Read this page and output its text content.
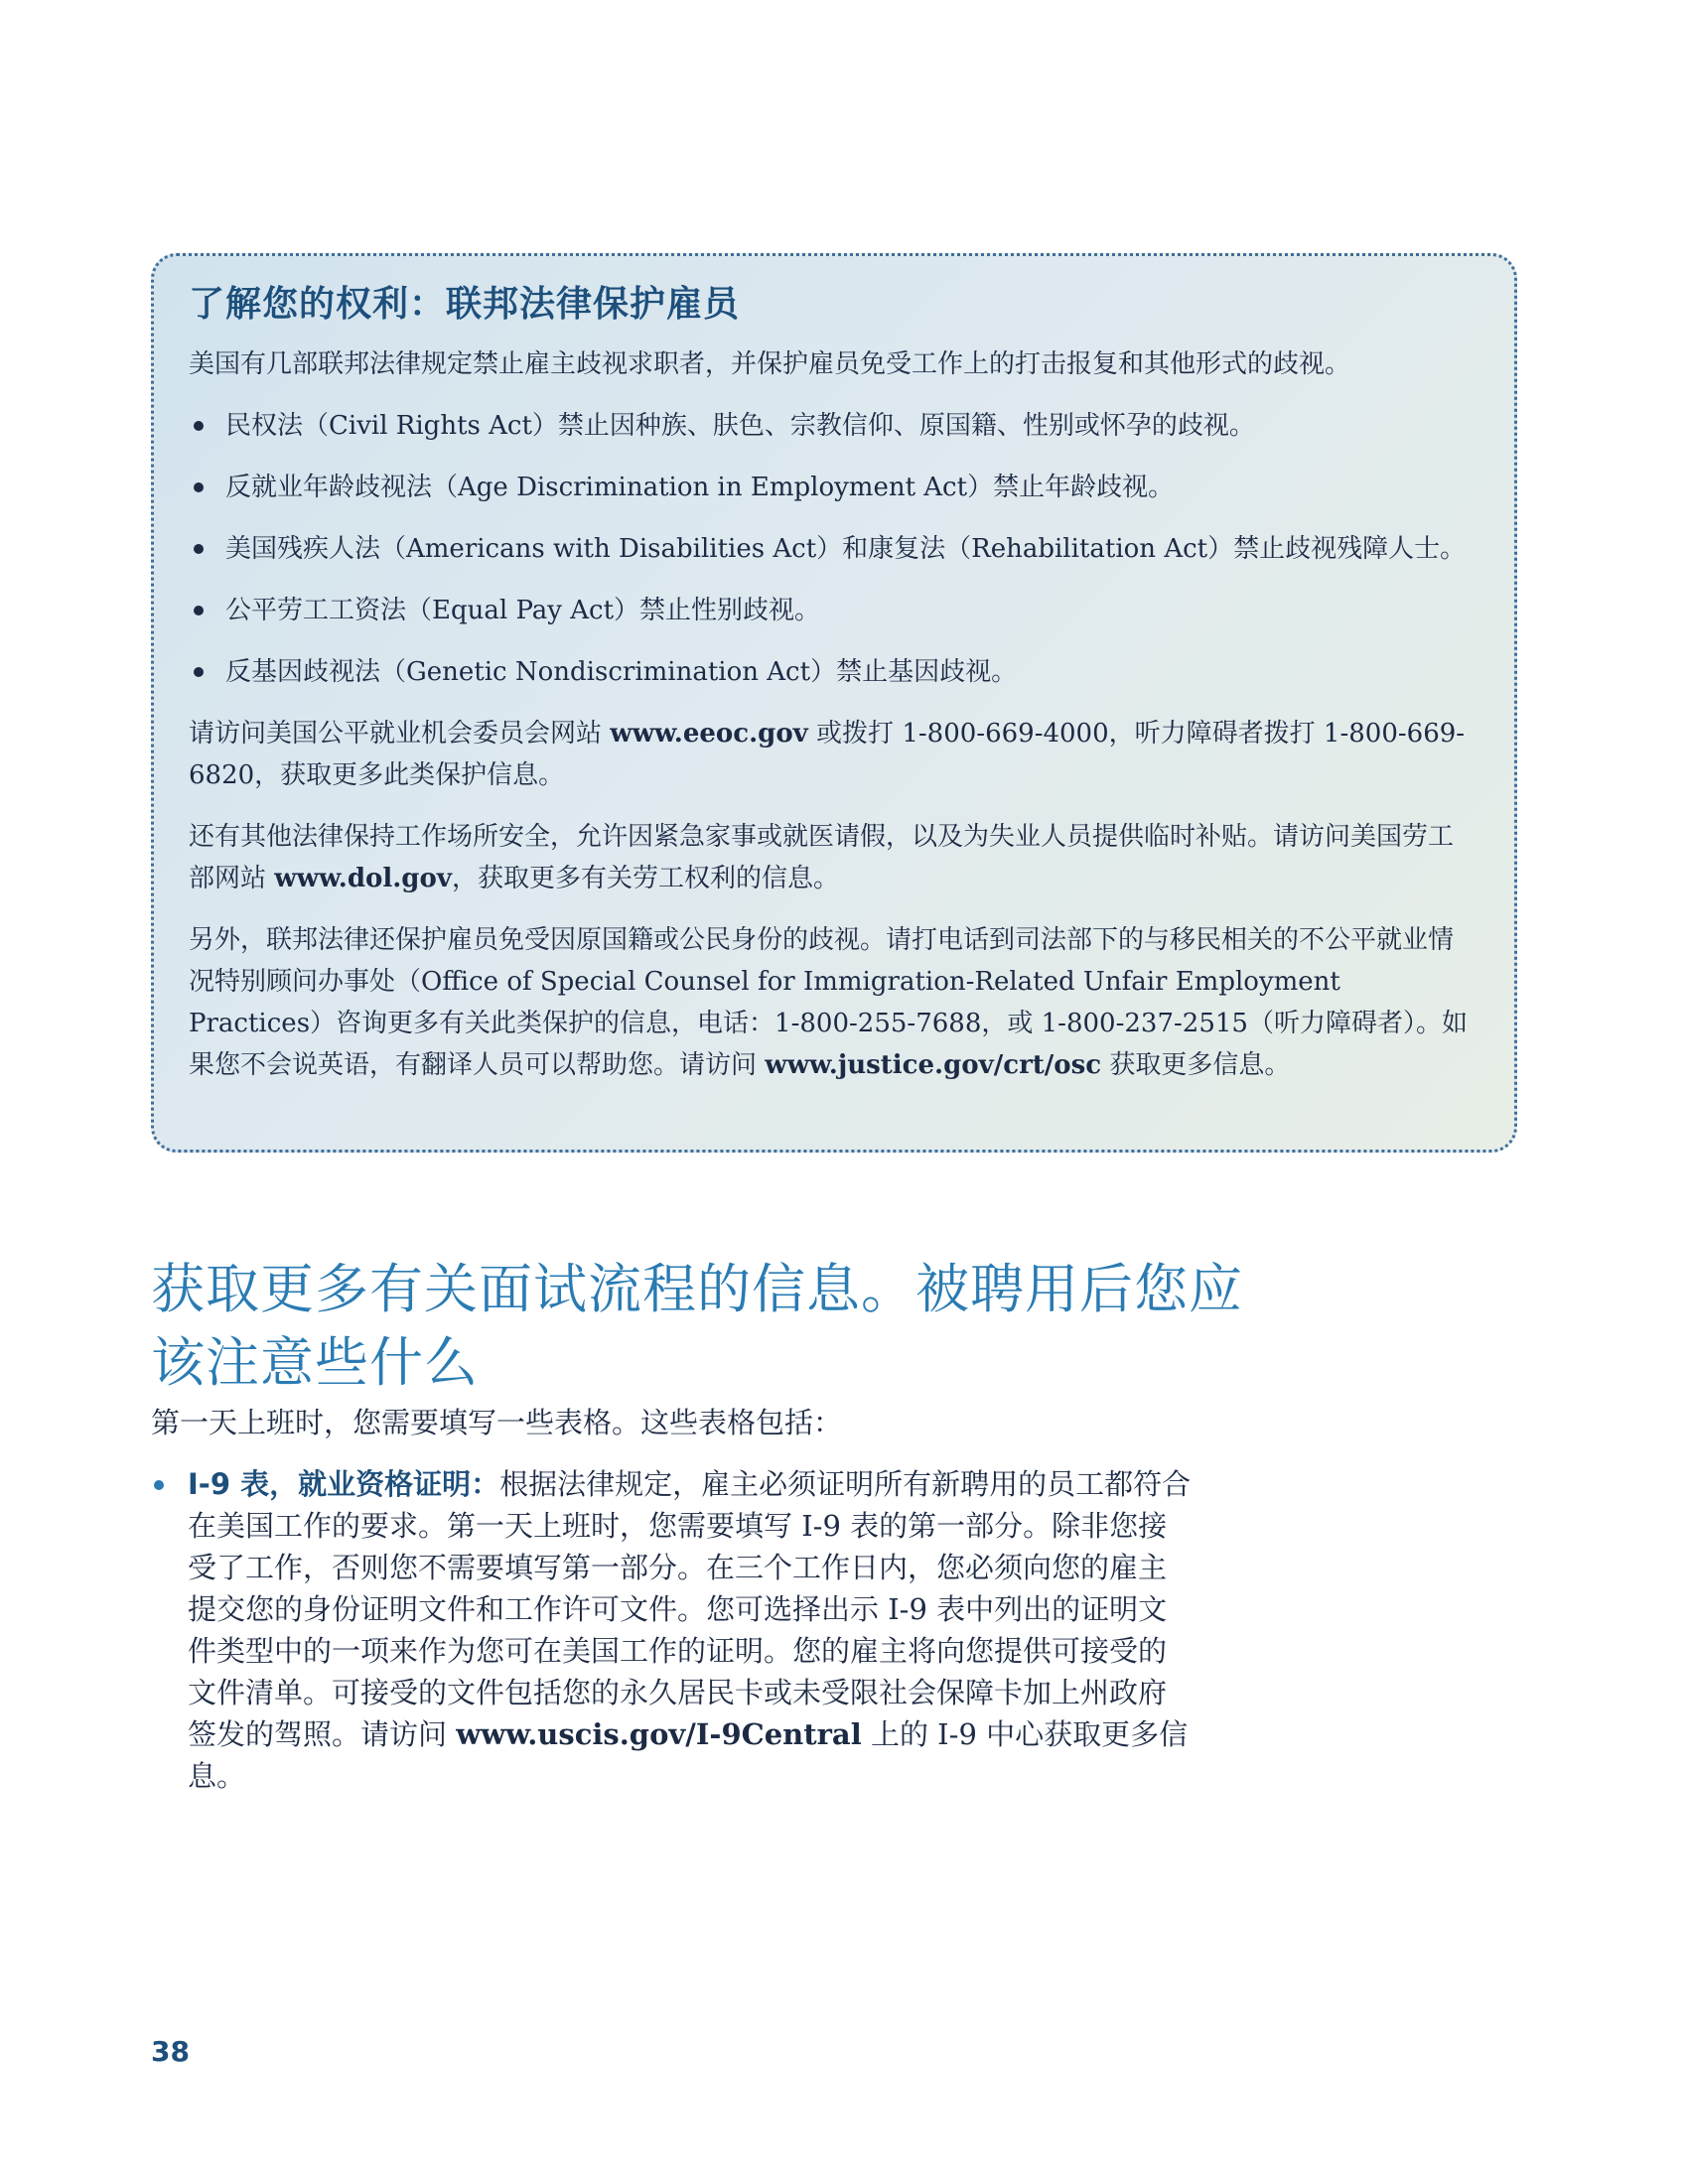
了解您的权利：联邦法律保护雇员

美国有几部联邦法律规定禁止雇主歧视求职者，并保护雇员免受工作上的打击报复和其他形式的歧视。

民权法（Civil Rights Act）禁止因种族、肤色、宗教信仰、原国籍、性别或怀孕的歧视。
反就业年龄歧视法（Age Discrimination in Employment Act）禁止年龄歧视。
美国残疾人法（Americans with Disabilities Act）和康复法（Rehabilitation Act）禁止歧视残障人士。
公平劳工工资法（Equal Pay Act）禁止性别歧视。
反基因歧视法（Genetic Nondiscrimination Act）禁止基因歧视。

请访问美国公平就业机会委员会网站 www.eeoc.gov 或拨打 1-800-669-4000，听力障碍者拨打 1-800-669-6820，获取更多此类保护信息。

还有其他法律保持工作场所安全，允许因紧急家事或就医请假，以及为失业人员提供临时补贴。请访问美国劳工部网站 www.dol.gov，获取更多有关劳工权利的信息。

另外，联邦法律还保护雇员免受因原国籍或公民身份的歧视。请打电话到司法部下的与移民相关的不公平就业情况特别顾问办事处（Office of Special Counsel for Immigration-Related Unfair Employment Practices）咨询更多有关此类保护的信息，电话：1-800-255-7688，或 1-800-237-2515（听力障碍者）。如果您不会说英语，有翻译人员可以帮助您。请访问 www.justice.gov/crt/osc 获取更多信息。

获取更多有关面试流程的信息。被聘用后您应该注意些什么

第一天上班时，您需要填写一些表格。这些表格包括：

I-9 表，就业资格证明：根据法律规定，雇主必须证明所有新聘用的员工都符合在美国工作的要求。第一天上班时，您需要填写 I-9 表的第一部分。除非您接受了工作，否则您不需要填写第一部分。在三个工作日内，您必须向您的雇主提交您的身份证明文件和工作许可文件。您可选择出示 I-9 表中列出的证明文件类型中的一项来作为您可在美国工作的证明。您的雇主将向您提供可接受的文件清单。可接受的文件包括您的永久居民卡或未受限社会保障卡加上州政府签发的驾照。请访问 www.uscis.gov/I-9Central 上的 I-9 中心获取更多信息。
38
